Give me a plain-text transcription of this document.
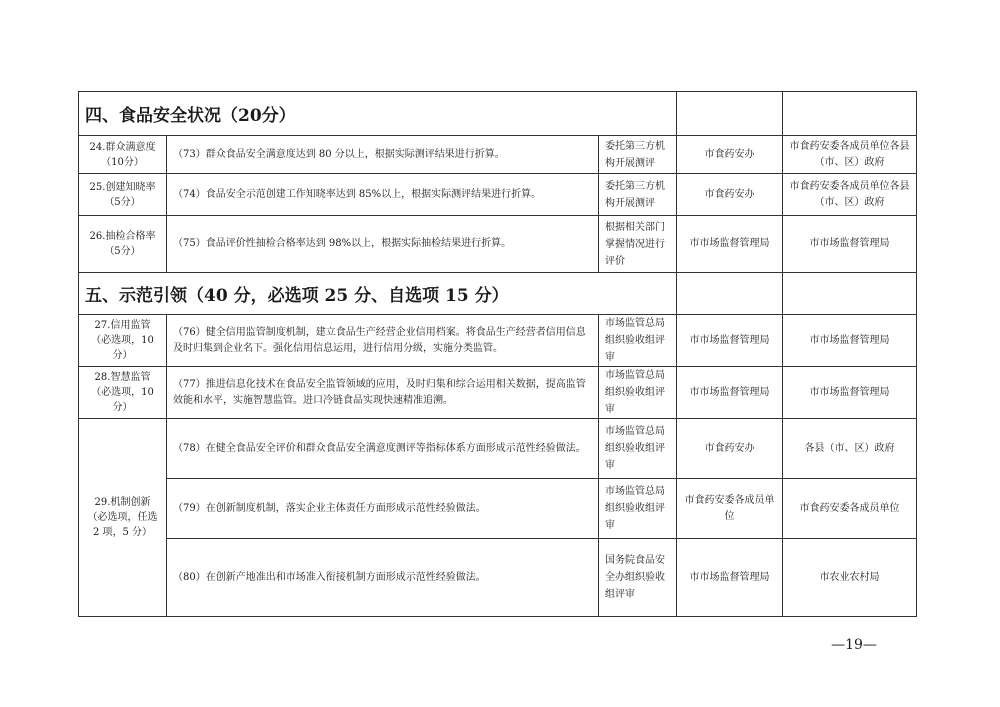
四、食品安全状况（20分）				
24.群众满意度（10分）	（73）群众食品安全满意度达到 80 分以上，根据实际测评结果进行折算。	委托第三方机构开展测评	市食药安办	市食药安委各成员单位各县（市、区）政府
25.创建知晓率（5分）	（74）食品安全示范创建工作知晓率达到 85%以上，根据实际测评结果进行折算。	委托第三方机构开展测评	市食药安办	市食药安委各成员单位各县（市、区）政府
26.抽检合格率（5分）	（75）食品评价性抽检合格率达到 98%以上，根据实际抽检结果进行折算。	根据相关部门掌握情况进行评价	市市场监督管理局	市市场监督管理局
五、示范引领（40 分，必选项 25 分、自选项 15 分）				
27.信用监管（必选项，10分）	（76）健全信用监管制度机制，建立食品生产经营企业信用档案。将食品生产经营者信用信息及时归集到企业名下。强化信用信息运用，进行信用分级，实施分类监管。	市场监管总局组织验收组评审	市市场监督管理局	市市场监督管理局
28.智慧监管（必选项，10分）	（77）推进信息化技术在食品安全监管领域的应用，及时归集和综合运用相关数据，提高监管效能和水平，实施智慧监管。进口冷链食品实现快速精准追溯。	市场监管总局组织验收组评审	市市场监督管理局	市市场监督管理局
29.机制创新（必选项，任选 2 项，5 分）	（78）在健全食品安全评价和群众食品安全满意度测评等指标体系方面形成示范性经验做法。	市场监管总局组织验收组评审	市食药安办	各县（市、区）政府
	（79）在创新制度机制，落实企业主体责任方面形成示范性经验做法。	市场监管总局组织验收组评审	市食药安委各成员单位	市食药安委各成员单位
	（80）在创新产地准出和市场准入衔接机制方面形成示范性经验做法。	国务院食品安全办组织验收组评审	市市场监督管理局	市农业农村局
—19—
